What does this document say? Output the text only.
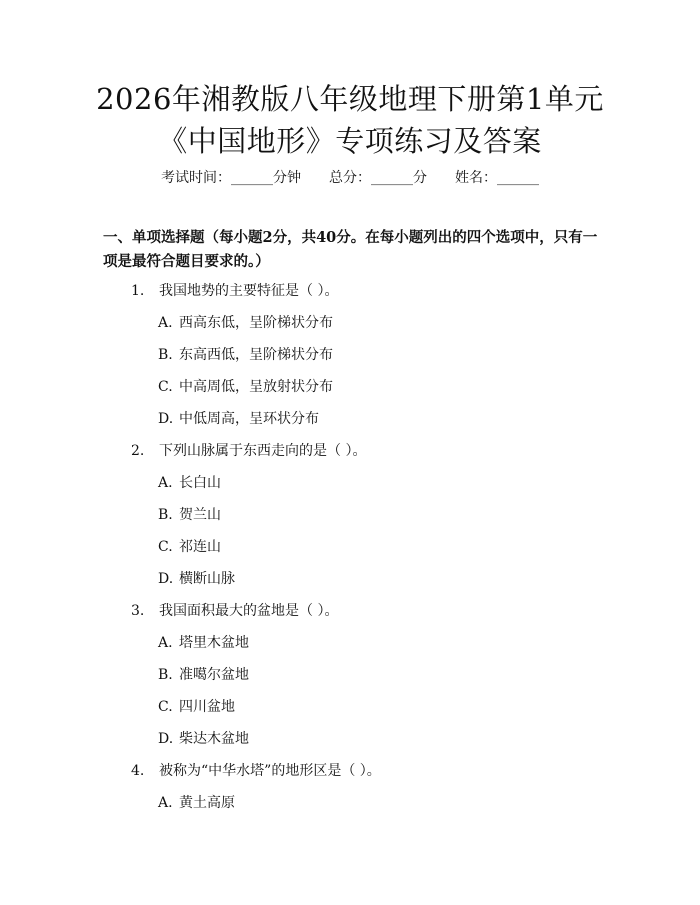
2026年湘教版八年级地理下册第1单元《中国地形》专项练习及答案
考试时间：______分钟 总分：______分 姓名：______
一、单项选择题（每小题2分，共40分。在每小题列出的四个选项中，只有一项是最符合题目要求的。）
1. 我国地势的主要特征是（ ）。
A. 西高东低，呈阶梯状分布
B. 东高西低，呈阶梯状分布
C. 中高周低，呈放射状分布
D. 中低周高，呈环状分布
2. 下列山脉属于东西走向的是（ ）。
A. 长白山
B. 贺兰山
C. 祁连山
D. 横断山脉
3. 我国面积最大的盆地是（ ）。
A. 塔里木盆地
B. 准噶尔盆地
C. 四川盆地
D. 柴达木盆地
4. 被称为“中华水塔”的地形区是（ ）。
A. 黄土高原
